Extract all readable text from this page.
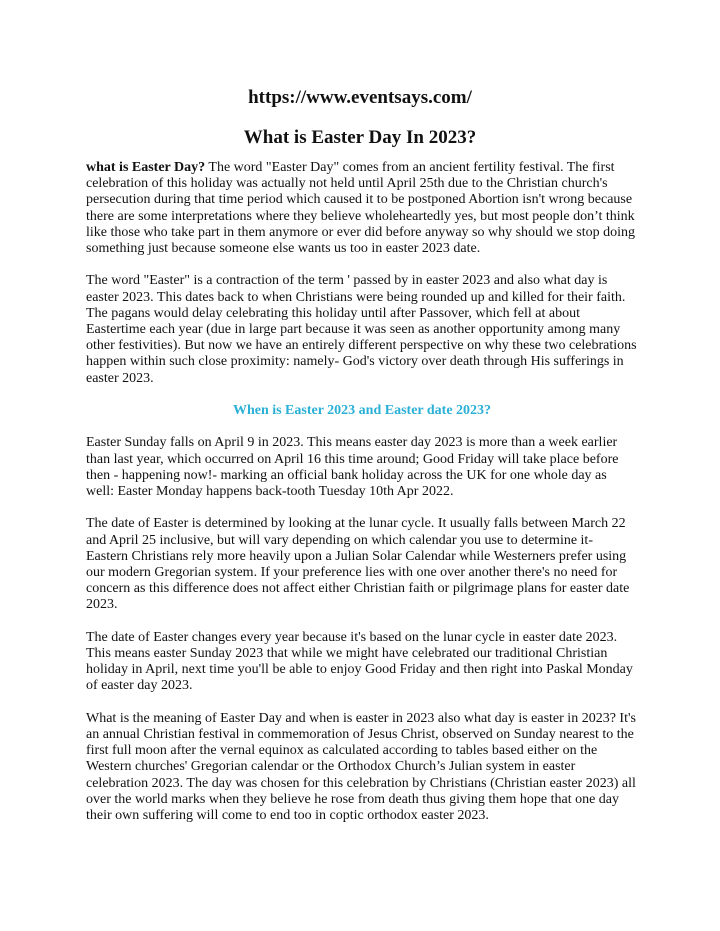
https://www.eventsays.com/
What is Easter Day In 2023?

what is Easter Day? The word "Easter Day" comes from an ancient fertility festival. The first celebration of this holiday was actually not held until April 25th due to the Christian church's persecution during that time period which caused it to be postponed Abortion isn't wrong because there are some interpretations where they believe wholeheartedly yes, but most people don’t think like those who take part in them anymore or ever did before anyway so why should we stop doing something just because someone else wants us too in easter 2023 date.

The word "Easter" is a contraction of the term ' passed by in easter 2023 and also what day is easter 2023. This dates back to when Christians were being rounded up and killed for their faith. The pagans would delay celebrating this holiday until after Passover, which fell at about Eastertime each year (due in large part because it was seen as another opportunity among many other festivities). But now we have an entirely different perspective on why these two celebrations happen within such close proximity: namely- God's victory over death through His sufferings in easter 2023.

When is Easter 2023 and Easter date 2023?

Easter Sunday falls on April 9 in 2023. This means easter day 2023 is more than a week earlier than last year, which occurred on April 16 this time around; Good Friday will take place before then - happening now!- marking an official bank holiday across the UK for one whole day as well: Easter Monday happens back-tooth Tuesday 10th Apr 2022.

The date of Easter is determined by looking at the lunar cycle. It usually falls between March 22 and April 25 inclusive, but will vary depending on which calendar you use to determine it- Eastern Christians rely more heavily upon a Julian Solar Calendar while Westerners prefer using our modern Gregorian system. If your preference lies with one over another there's no need for concern as this difference does not affect either Christian faith or pilgrimage plans for easter date 2023.

The date of Easter changes every year because it's based on the lunar cycle in easter date 2023. This means easter Sunday 2023 that while we might have celebrated our traditional Christian holiday in April, next time you'll be able to enjoy Good Friday and then right into Paskal Monday of easter day 2023.

What is the meaning of Easter Day and when is easter in 2023 also what day is easter in 2023? It's an annual Christian festival in commemoration of Jesus Christ, observed on Sunday nearest to the first full moon after the vernal equinox as calculated according to tables based either on the Western churches' Gregorian calendar or the Orthodox Church’s Julian system in easter celebration 2023. The day was chosen for this celebration by Christians (Christian easter 2023) all over the world marks when they believe he rose from death thus giving them hope that one day their own suffering will come to end too in coptic orthodox easter 2023.
